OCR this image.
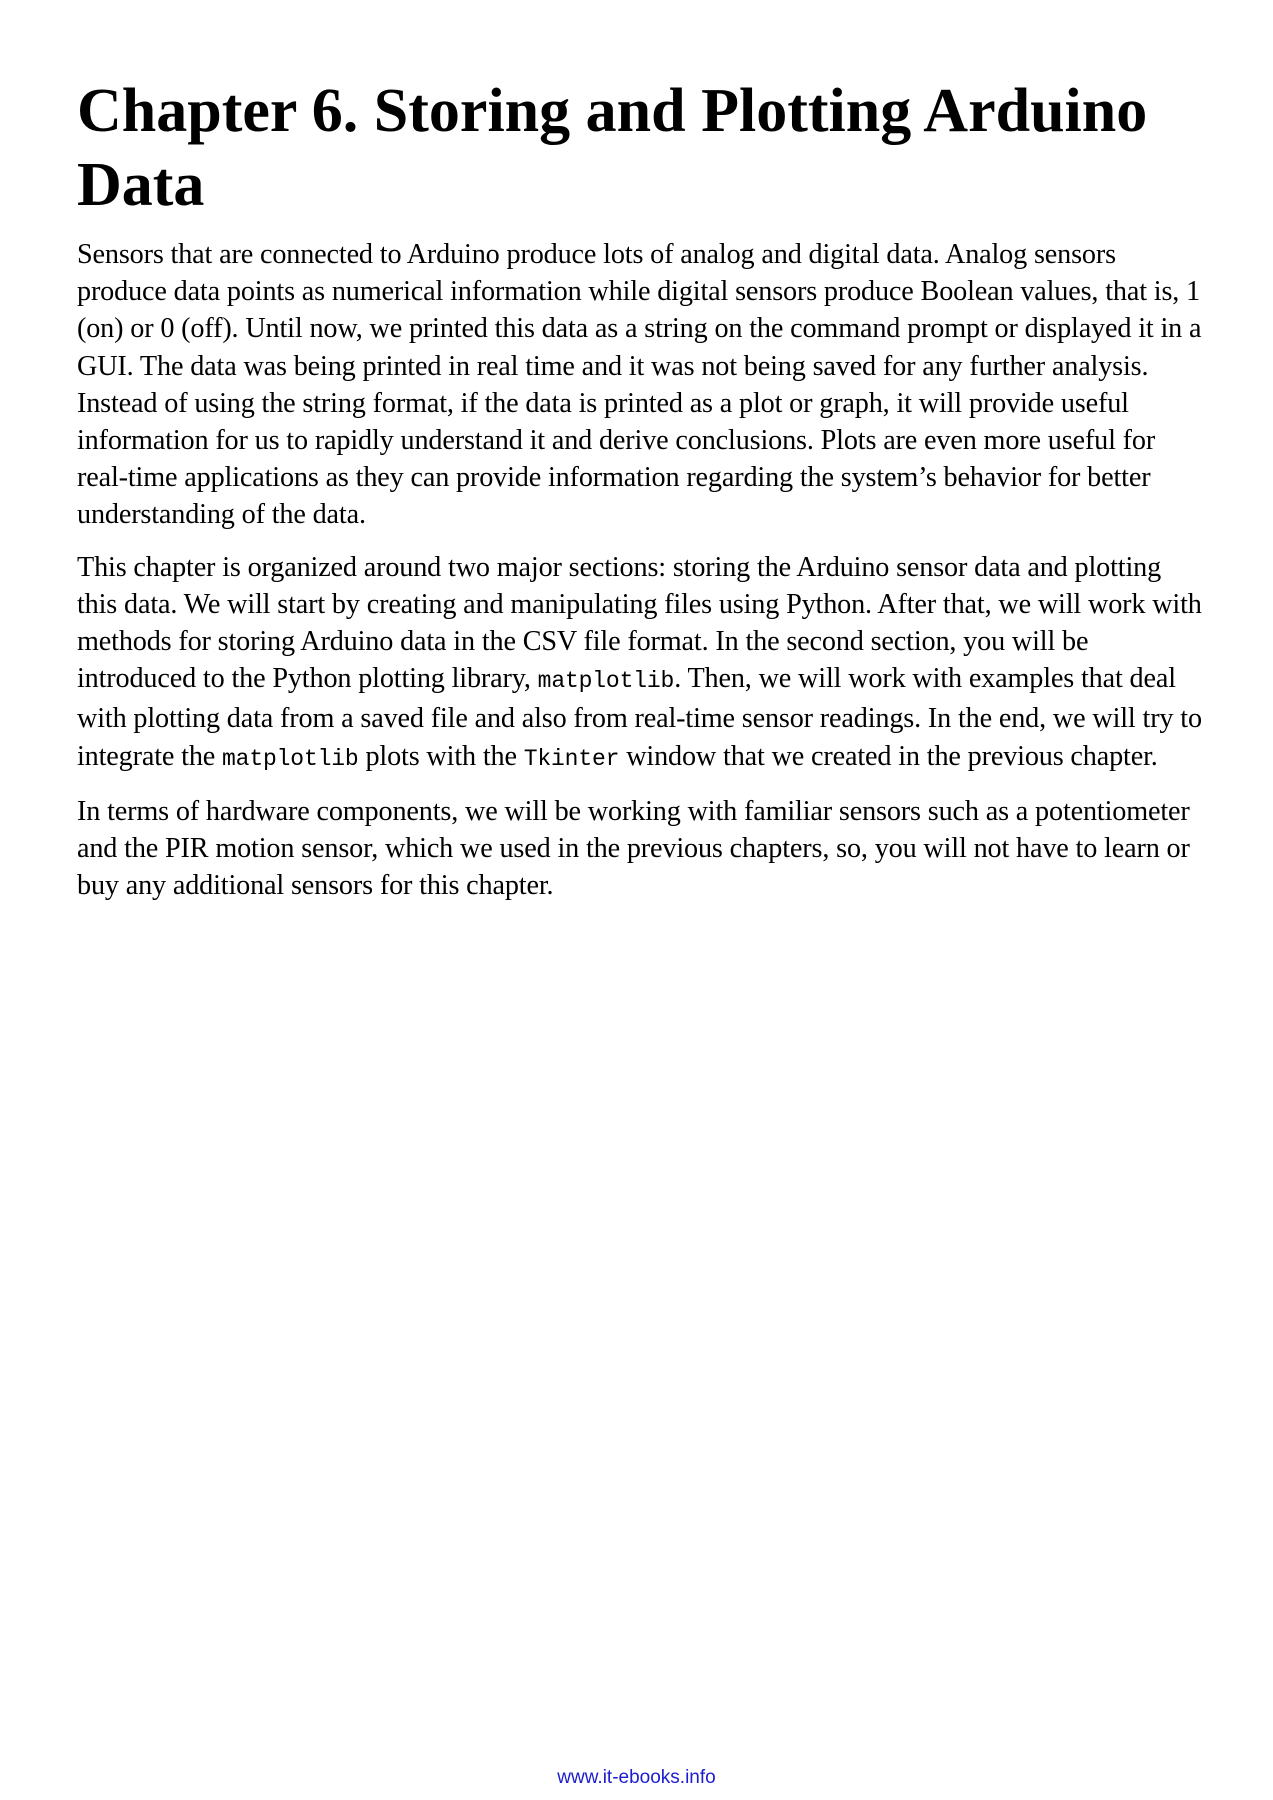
Chapter 6. Storing and Plotting Arduino Data

Sensors that are connected to Arduino produce lots of analog and digital data. Analog sensors produce data points as numerical information while digital sensors produce Boolean values, that is, 1 (on) or 0 (off). Until now, we printed this data as a string on the command prompt or displayed it in a GUI. The data was being printed in real time and it was not being saved for any further analysis. Instead of using the string format, if the data is printed as a plot or graph, it will provide useful information for us to rapidly understand it and derive conclusions. Plots are even more useful for real-time applications as they can provide information regarding the system’s behavior for better understanding of the data.

This chapter is organized around two major sections: storing the Arduino sensor data and plotting this data. We will start by creating and manipulating files using Python. After that, we will work with methods for storing Arduino data in the CSV file format. In the second section, you will be introduced to the Python plotting library, matplotlib. Then, we will work with examples that deal with plotting data from a saved file and also from real-time sensor readings. In the end, we will try to integrate the matplotlib plots with the Tkinter window that we created in the previous chapter.

In terms of hardware components, we will be working with familiar sensors such as a potentiometer and the PIR motion sensor, which we used in the previous chapters, so, you will not have to learn or buy any additional sensors for this chapter.

www.it-ebooks.info
